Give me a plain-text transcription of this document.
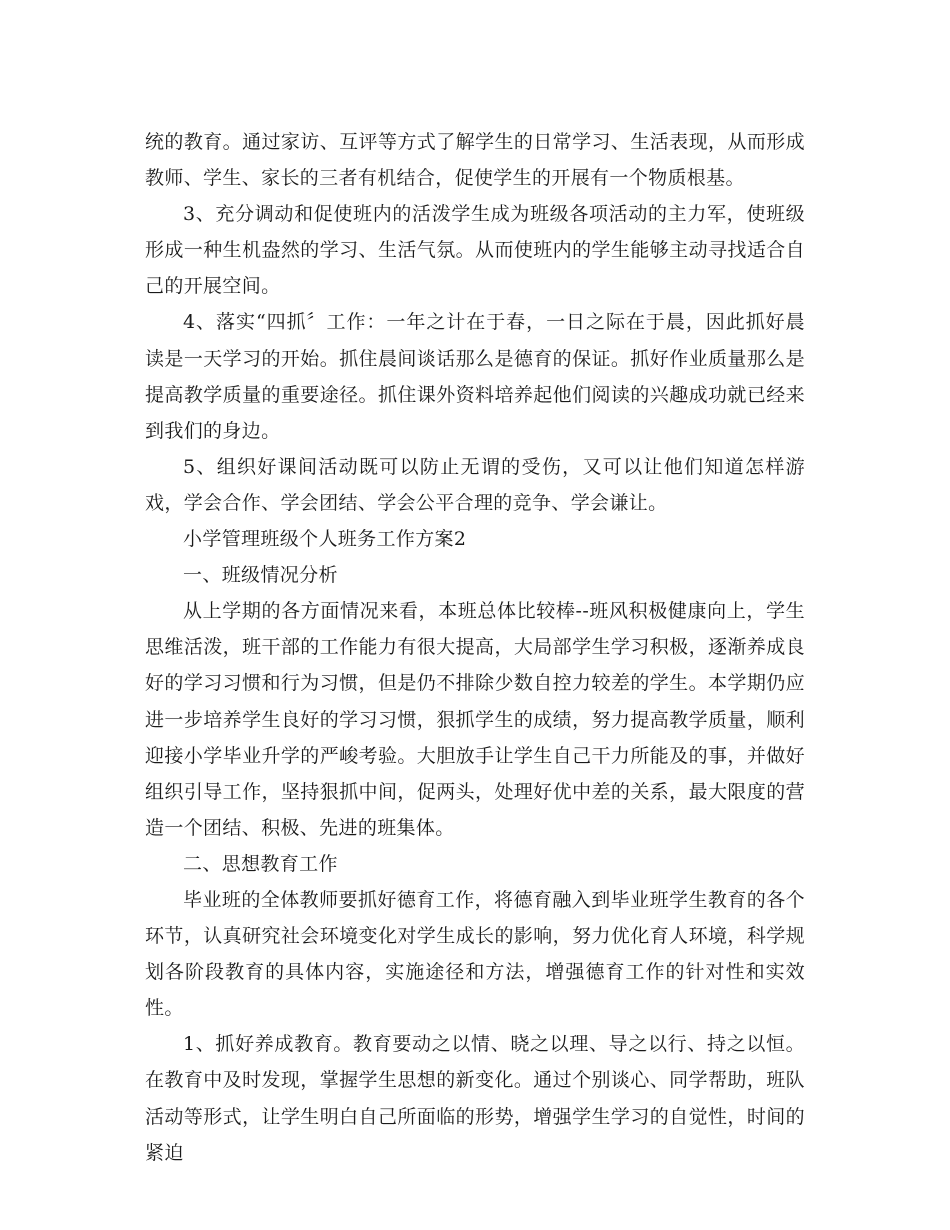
统的教育。通过家访、互评等方式了解学生的日常学习、生活表现，从而形成教师、学生、家长的三者有机结合，促使学生的开展有一个物质根基。

3、充分调动和促使班内的活泼学生成为班级各项活动的主力军，使班级形成一种生机盎然的学习、生活气氛。从而使班内的学生能够主动寻找适合自己的开展空间。

4、落实“四抓〞工作：一年之计在于春，一日之际在于晨，因此抓好晨读是一天学习的开始。抓住晨间谈话那么是德育的保证。抓好作业质量那么是提高教学质量的重要途径。抓住课外资料培养起他们阅读的兴趣成功就已经来到我们的身边。

5、组织好课间活动既可以防止无谓的受伤，又可以让他们知道怎样游戏，学会合作、学会团结、学会公平合理的竞争、学会谦让。

小学管理班级个人班务工作方案2

一、班级情况分析

从上学期的各方面情况来看，本班总体比较棒--班风积极健康向上，学生思维活泼，班干部的工作能力有很大提高，大局部学生学习积极，逐渐养成良好的学习习惯和行为习惯，但是仍不排除少数自控力较差的学生。本学期仍应进一步培养学生良好的学习习惯，狠抓学生的成绩，努力提高教学质量，顺利迎接小学毕业升学的严峻考验。大胆放手让学生自己干力所能及的事，并做好组织引导工作，坚持狠抓中间，促两头，处理好优中差的关系，最大限度的营造一个团结、积极、先进的班集体。

二、思想教育工作

毕业班的全体教师要抓好德育工作，将德育融入到毕业班学生教育的各个环节，认真研究社会环境变化对学生成长的影响，努力优化育人环境，科学规划各阶段教育的具体内容，实施途径和方法，增强德育工作的针对性和实效性。

1、抓好养成教育。教育要动之以情、晓之以理、导之以行、持之以恒。在教育中及时发现，掌握学生思想的新变化。通过个别谈心、同学帮助，班队活动等形式，让学生明白自己所面临的形势，增强学生学习的自觉性，时间的紧迫
